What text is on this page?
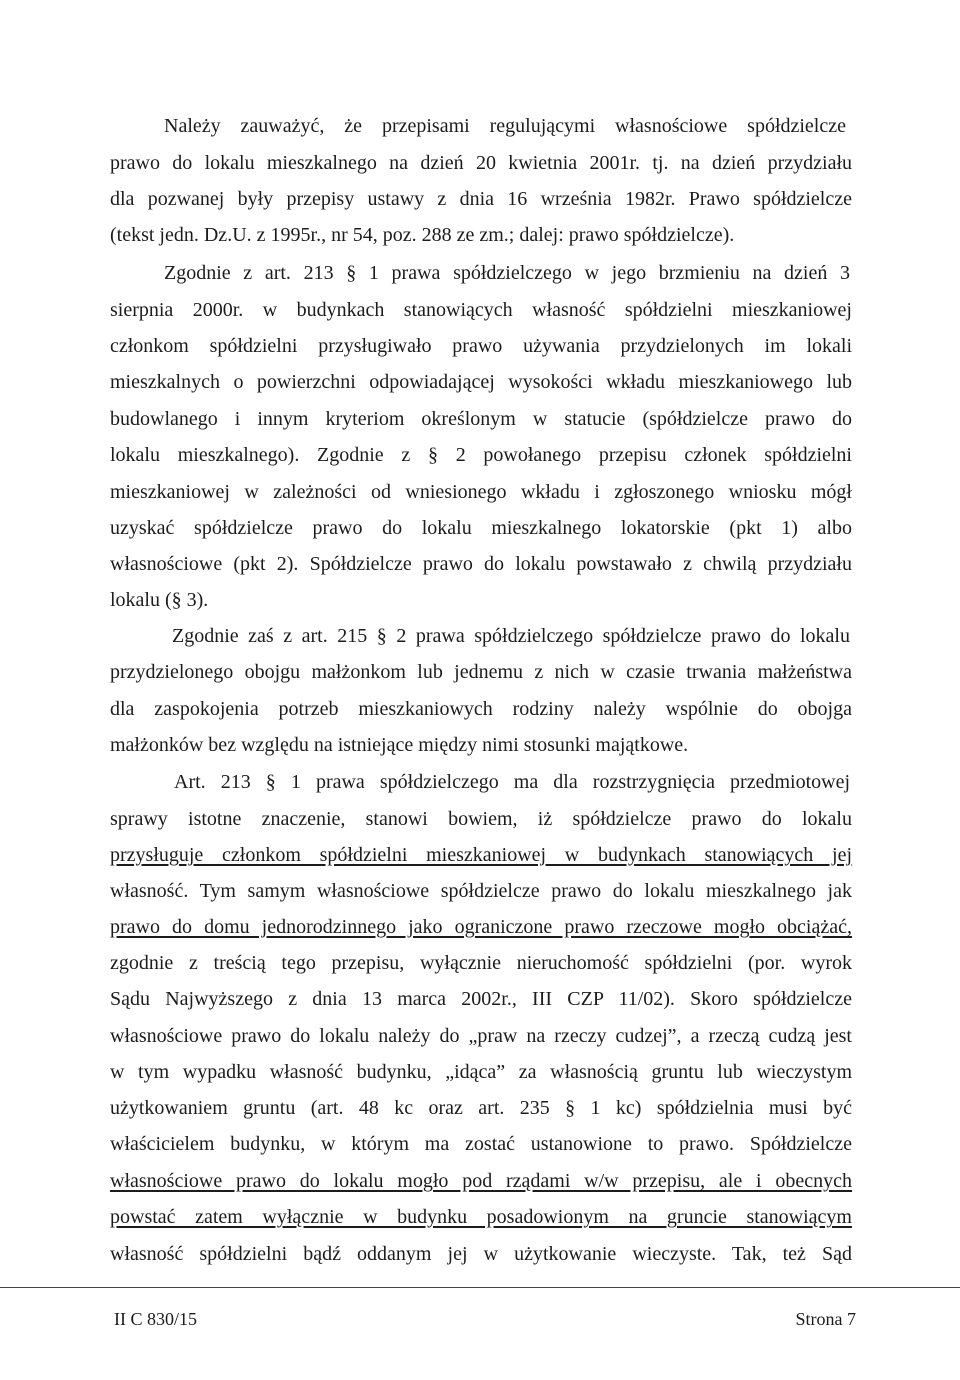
Należy zauważyć, że przepisami regulującymi własnościowe spółdzielcze

prawo do lokalu mieszkalnego na dzień 20 kwietnia 2001r. tj. na dzień przydziału

dla pozwanej były przepisy ustawy z dnia 16 września 1982r. Prawo spółdzielcze

(tekst jedn. Dz.U. z 1995r., nr 54, poz. 288 ze zm.; dalej: prawo spółdzielcze).

Zgodnie z art. 213 § 1 prawa spółdzielczego w jego brzmieniu na dzień 3

sierpnia 2000r. w budynkach stanowiących własność spółdzielni mieszkaniowej

członkom spółdzielni przysługiwało prawo używania przydzielonych im lokali

mieszkalnych o powierzchni odpowiadającej wysokości wkładu mieszkaniowego lub

budowlanego i innym kryteriom określonym w statucie (spółdzielcze prawo do

lokalu mieszkalnego). Zgodnie z § 2 powołanego przepisu członek spółdzielni

mieszkaniowej w zależności od wniesionego wkładu i zgłoszonego wniosku mógł

uzyskać spółdzielcze prawo do lokalu mieszkalnego lokatorskie (pkt 1) albo

własnościowe (pkt 2). Spółdzielcze prawo do lokalu powstawało z chwilą przydziału

lokalu (§ 3).

Zgodnie zaś z art. 215 § 2 prawa spółdzielczego spółdzielcze prawo do lokalu

przydzielonego obojgu małżonkom lub jednemu z nich w czasie trwania małżeństwa

dla zaspokojenia potrzeb mieszkaniowych rodziny należy wspólnie do obojga

małżonków bez względu na istniejące między nimi stosunki majątkowe.

Art. 213 § 1 prawa spółdzielczego ma dla rozstrzygnięcia przedmiotowej

sprawy istotne znaczenie, stanowi bowiem, iż spółdzielcze prawo do lokalu

przysługuje członkom spółdzielni mieszkaniowej w budynkach stanowiących jej

własność. Tym samym własnościowe spółdzielcze prawo do lokalu mieszkalnego jak

prawo do domu jednorodzinnego jako ograniczone prawo rzeczowe mogło obciążać,

zgodnie z treścią tego przepisu, wyłącznie nieruchomość spółdzielni (por. wyrok

Sądu Najwyższego z dnia 13 marca 2002r., III CZP 11/02). Skoro spółdzielcze

własnościowe prawo do lokalu należy do „praw na rzeczy cudzej”, a rzeczą cudzą jest

w tym wypadku własność budynku, „idąca” za własnością gruntu lub wieczystym

użytkowaniem gruntu (art. 48 kc oraz art. 235 § 1 kc) spółdzielnia musi być

właścicielem budynku, w którym ma zostać ustanowione to prawo. Spółdzielcze

własnościowe prawo do lokalu mogło pod rządami w/w przepisu, ale i obecnych

powstać zatem wyłącznie w budynku posadowionym na gruncie stanowiącym

własność spółdzielni bądź oddanym jej w użytkowanie wieczyste. Tak, też Sąd

II C 830/15	Strona 7
